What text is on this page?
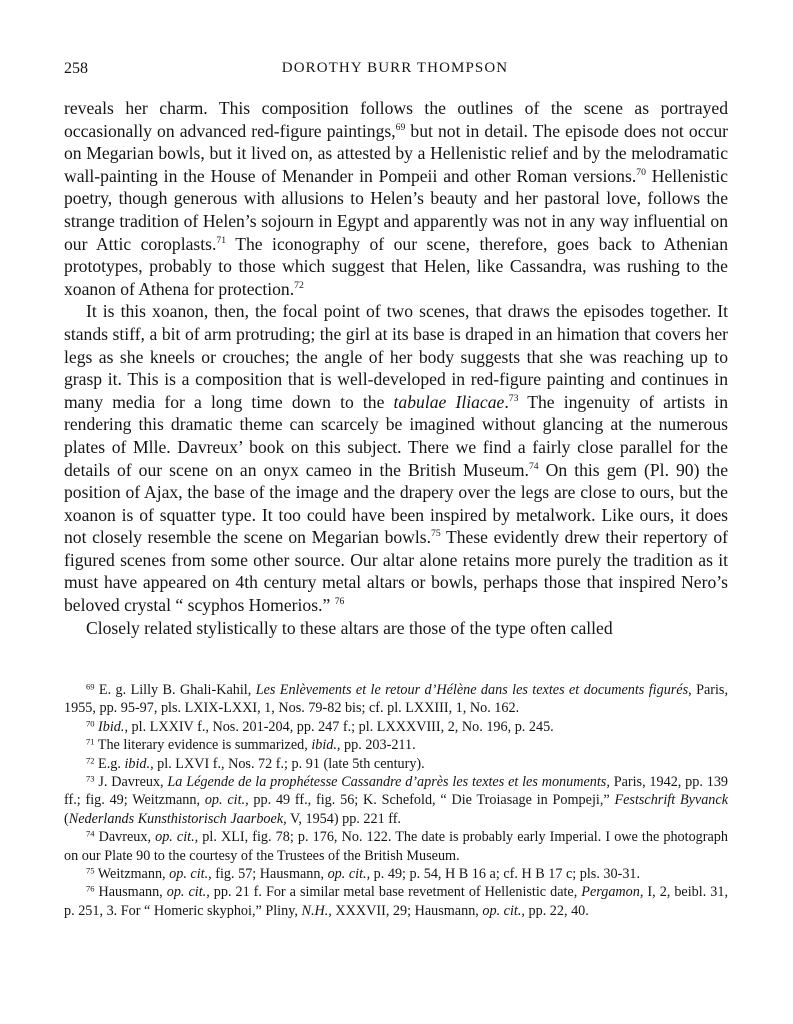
258	DOROTHY BURR THOMPSON

reveals her charm. This composition follows the outlines of the scene as portrayed occasionally on advanced red-figure paintings,$^{69}$ but not in detail. The episode does not occur on Megarian bowls, but it lived on, as attested by a Hellenistic relief and by the melodramatic wall-painting in the House of Menander in Pompeii and other Roman versions.$^{70}$ Hellenistic poetry, though generous with allusions to Helen’s beauty and her pastoral love, follows the strange tradition of Helen’s sojourn in Egypt and apparently was not in any way influential on our Attic coroplasts.$^{71}$ The iconography of our scene, therefore, goes back to Athenian prototypes, probably to those which suggest that Helen, like Cassandra, was rushing to the xoanon of Athena for protection.$^{72}$

It is this xoanon, then, the focal point of two scenes, that draws the episodes together. It stands stiff, a bit of arm protruding; the girl at its base is draped in an himation that covers her legs as she kneels or crouches; the angle of her body suggests that she was reaching up to grasp it. This is a composition that is well-developed in red-figure painting and continues in many media for a long time down to the tabulae Iliacae.$^{73}$ The ingenuity of artists in rendering this dramatic theme can scarcely be imagined without glancing at the numerous plates of Mlle. Davreux’ book on this subject. There we find a fairly close parallel for the details of our scene on an onyx cameo in the British Museum.$^{74}$ On this gem (Pl. 90) the position of Ajax, the base of the image and the drapery over the legs are close to ours, but the xoanon is of squatter type. It too could have been inspired by metalwork. Like ours, it does not closely resemble the scene on Megarian bowls.$^{75}$ These evidently drew their repertory of figured scenes from some other source. Our altar alone retains more purely the tradition as it must have appeared on 4th century metal altars or bowls, perhaps those that inspired Nero’s beloved crystal “ scyphos Homerios.” $^{76}$

Closely related stylistically to these altars are those of the type often called

$^{69}$ E. g. Lilly B. Ghali-Kahil, Les Enlèvements et le retour d’Hélène dans les textes et documents figurés, Paris, 1955, pp. 95-97, pls. LXIX-LXXI, 1, Nos. 79-82 bis; cf. pl. LXXIII, 1, No. 162.

$^{70}$ Ibid., pl. LXXIV f., Nos. 201-204, pp. 247 f.; pl. LXXXVIII, 2, No. 196, p. 245.

$^{71}$ The literary evidence is summarized, ibid., pp. 203-211.

$^{72}$ E.g. ibid., pl. LXVI f., Nos. 72 f.; p. 91 (late 5th century).

$^{73}$ J. Davreux, La Légende de la prophétesse Cassandre d’après les textes et les monuments, Paris, 1942, pp. 139 ff.; fig. 49; Weitzmann, op. cit., pp. 49 ff., fig. 56; K. Schefold, “ Die Troiasage in Pompeji,” Festschrift Byvanck (Nederlands Kunsthistorisch Jaarboek, V, 1954) pp. 221 ff.

$^{74}$ Davreux, op. cit., pl. XLI, fig. 78; p. 176, No. 122. The date is probably early Imperial. I owe the photograph on our Plate 90 to the courtesy of the Trustees of the British Museum.

$^{75}$ Weitzmann, op. cit., fig. 57; Hausmann, op. cit., p. 49; p. 54, H B 16 a; cf. H B 17 c; pls. 30-31.

$^{76}$ Hausmann, op. cit., pp. 21 f. For a similar metal base revetment of Hellenistic date, Pergamon, I, 2, beibl. 31, p. 251, 3. For “ Homeric skyphoi,” Pliny, N.H., XXXVII, 29; Hausmann, op. cit., pp. 22, 40.
